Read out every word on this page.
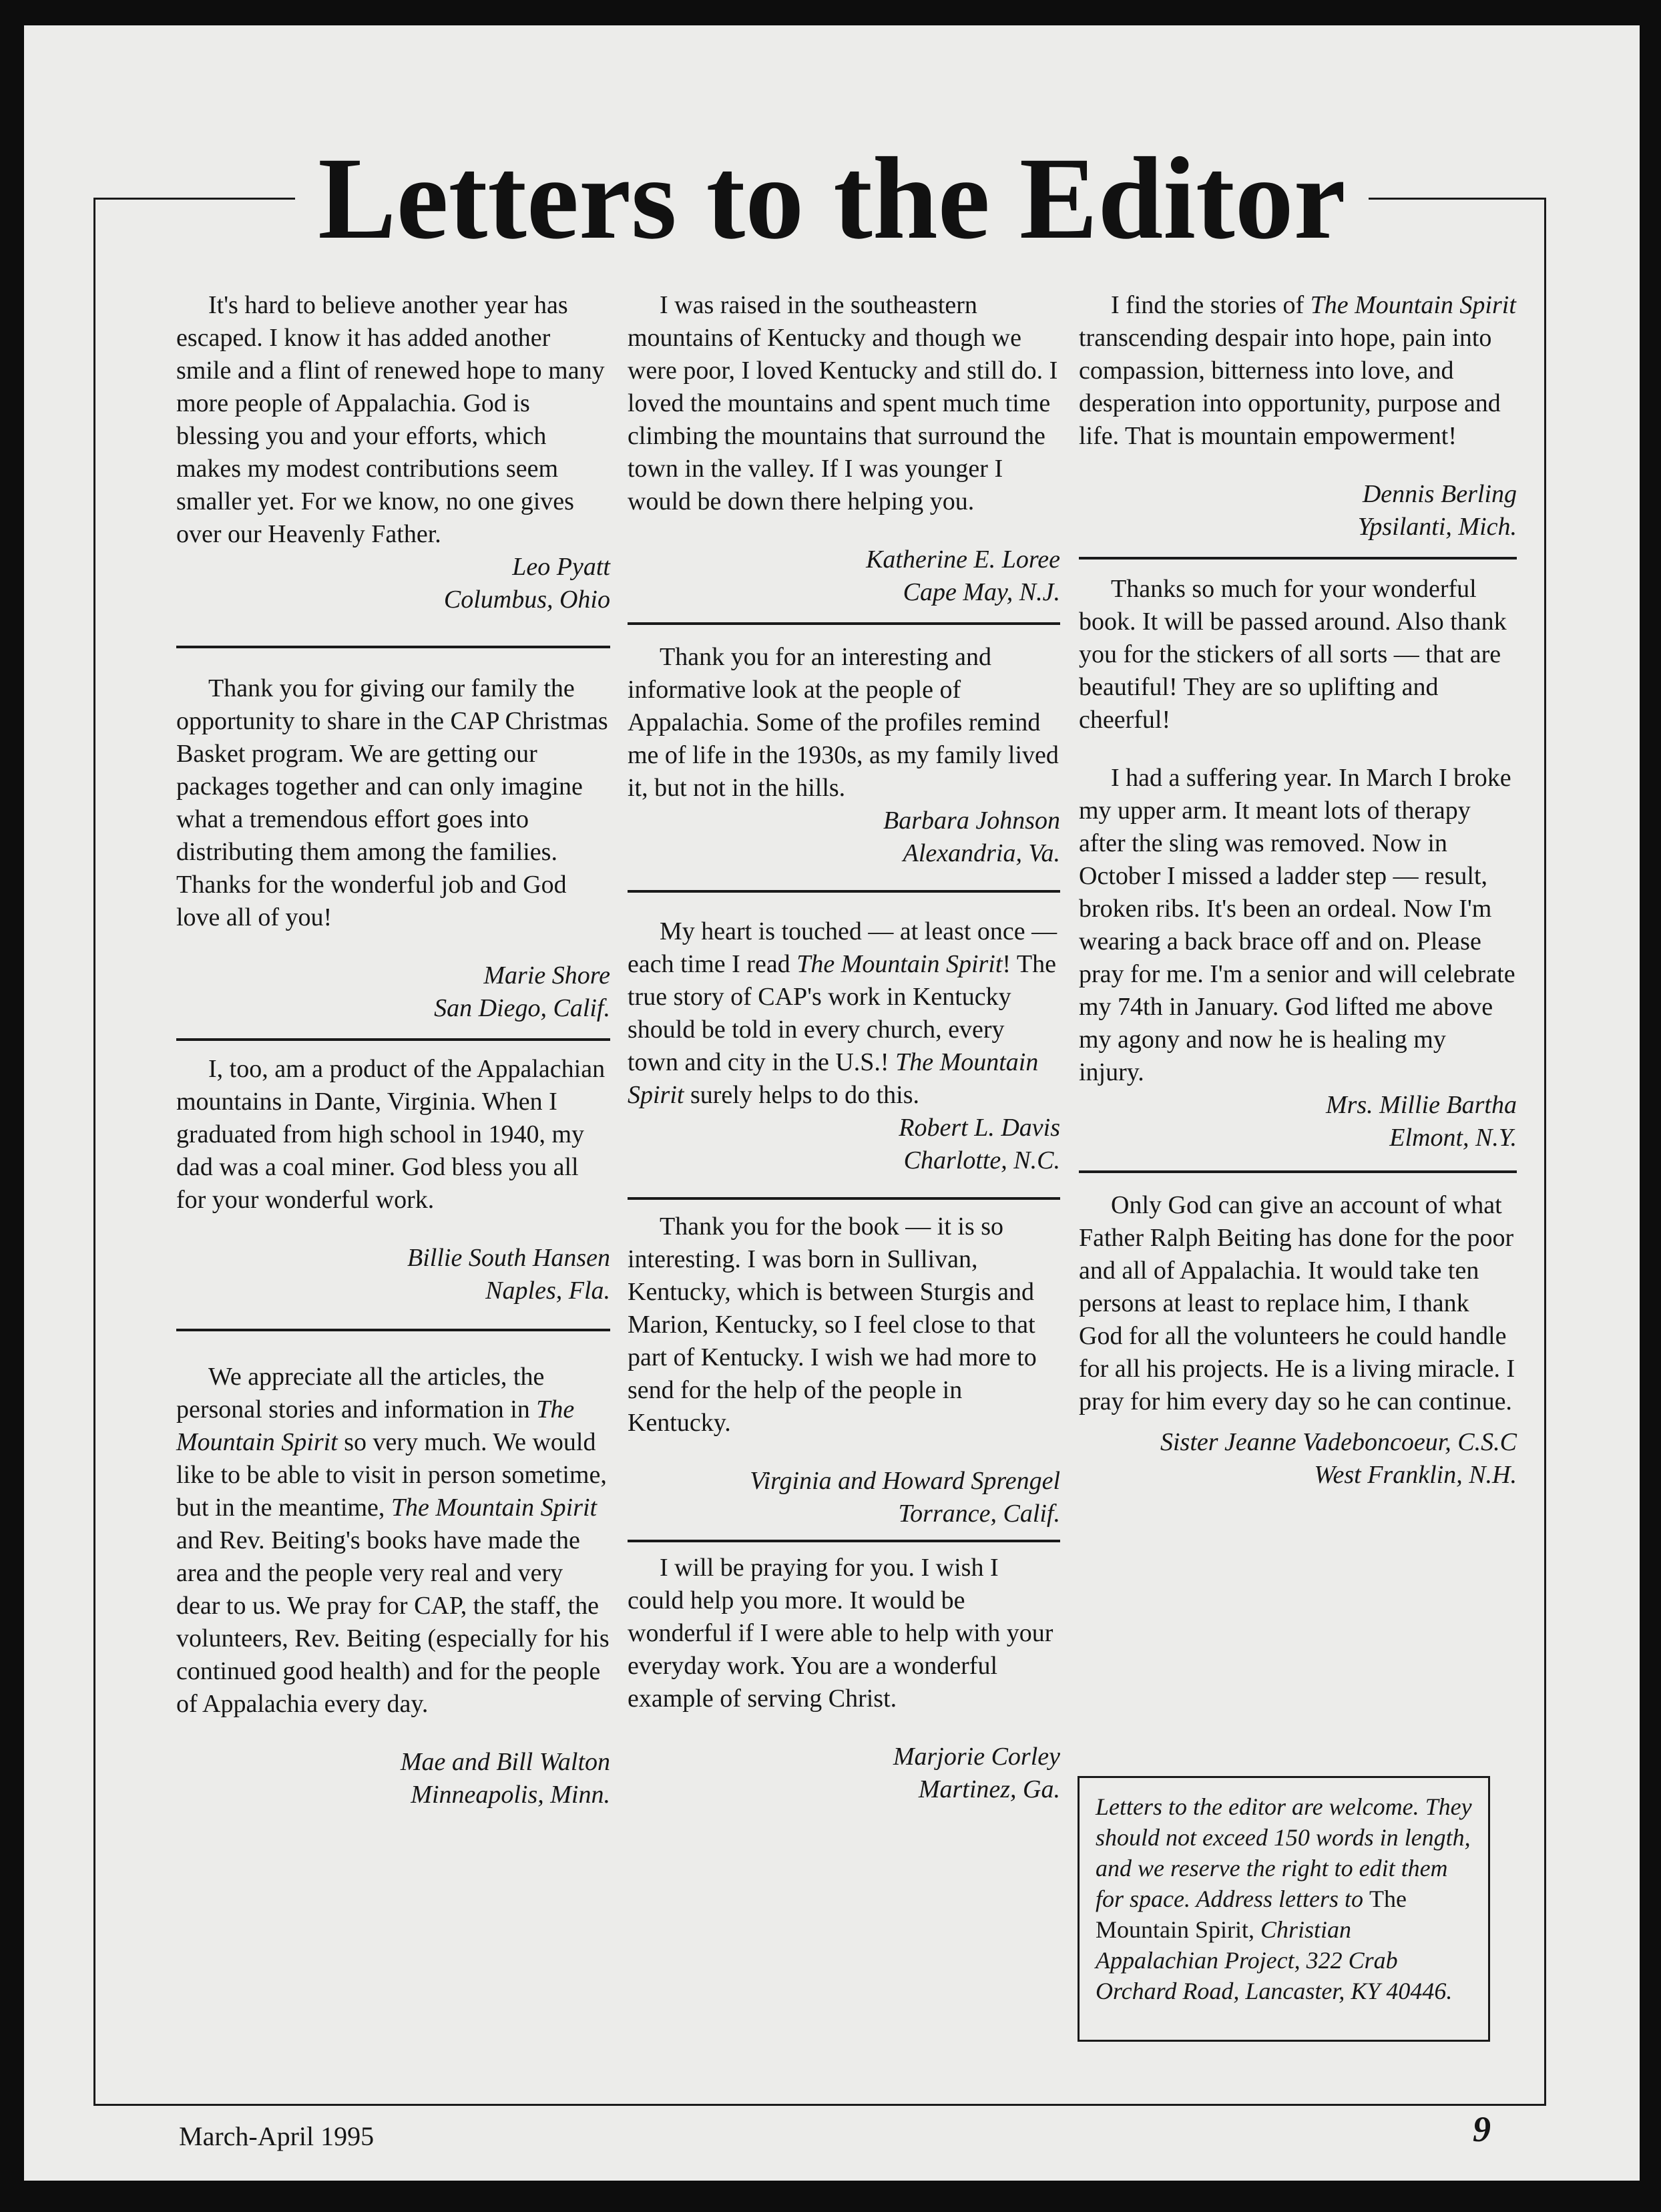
Letters to the Editor

It's hard to believe another year has escaped. I know it has added another smile and a flint of renewed hope to many more people of Appalachia. God is blessing you and your efforts, which makes my modest contributions seem smaller yet. For we know, no one gives over our Heavenly Father.

Leo Pyatt

Columbus, Ohio

Thank you for giving our family the opportunity to share in the CAP Christmas Basket program. We are getting our packages together and can only imagine what a tremendous effort goes into distributing them among the families. Thanks for the wonderful job and God love all of you!

Marie Shore

San Diego, Calif.

I, too, am a product of the Appalachian mountains in Dante, Virginia. When I graduated from high school in 1940, my dad was a coal miner. God bless you all for your wonderful work.

Billie South Hansen

Naples, Fla.

We appreciate all the articles, the personal stories and information in The Mountain Spirit so very much. We would like to be able to visit in person sometime, but in the meantime, The Mountain Spirit and Rev. Beiting's books have made the area and the people very real and very dear to us. We pray for CAP, the staff, the volunteers, Rev. Beiting (especially for his continued good health) and for the people of Appalachia every day.

Mae and Bill Walton

Minneapolis, Minn.

I was raised in the southeastern mountains of Kentucky and though we were poor, I loved Kentucky and still do. I loved the mountains and spent much time climbing the mountains that surround the town in the valley. If I was younger I would be down there helping you.

Katherine E. Loree

Cape May, N.J.

Thank you for an interesting and informative look at the people of Appalachia. Some of the profiles remind me of life in the 1930s, as my family lived it, but not in the hills.

Barbara Johnson

Alexandria, Va.

My heart is touched — at least once — each time I read The Mountain Spirit! The true story of CAP's work in Kentucky should be told in every church, every town and city in the U.S.! The Mountain Spirit surely helps to do this.

Robert L. Davis

Charlotte, N.C.

Thank you for the book — it is so interesting. I was born in Sullivan, Kentucky, which is between Sturgis and Marion, Kentucky, so I feel close to that part of Kentucky. I wish we had more to send for the help of the people in Kentucky.

Virginia and Howard Sprengel

Torrance, Calif.

I will be praying for you. I wish I could help you more. It would be wonderful if I were able to help with your everyday work. You are a wonderful example of serving Christ.

Marjorie Corley

Martinez, Ga.

I find the stories of The Mountain Spirit transcending despair into hope, pain into compassion, bitterness into love, and desperation into opportunity, purpose and life. That is mountain empowerment!

Dennis Berling

Ypsilanti, Mich.

Thanks so much for your wonderful book. It will be passed around. Also thank you for the stickers of all sorts — that are beautiful! They are so uplifting and cheerful!

I had a suffering year. In March I broke my upper arm. It meant lots of therapy after the sling was removed. Now in October I missed a ladder step — result, broken ribs. It's been an ordeal. Now I'm wearing a back brace off and on. Please pray for me. I'm a senior and will celebrate my 74th in January. God lifted me above my agony and now he is healing my injury.

Mrs. Millie Bartha

Elmont, N.Y.

Only God can give an account of what Father Ralph Beiting has done for the poor and all of Appalachia. It would take ten persons at least to replace him, I thank God for all the volunteers he could handle for all his projects. He is a living miracle. I pray for him every day so he can continue.

Sister Jeanne Vadeboncoeur, C.S.C

West Franklin, N.H.

Letters to the editor are welcome. They should not exceed 150 words in length, and we reserve the right to edit them for space. Address letters to The Mountain Spirit, Christian Appalachian Project, 322 Crab Orchard Road, Lancaster, KY 40446.
March-April 1995	9
